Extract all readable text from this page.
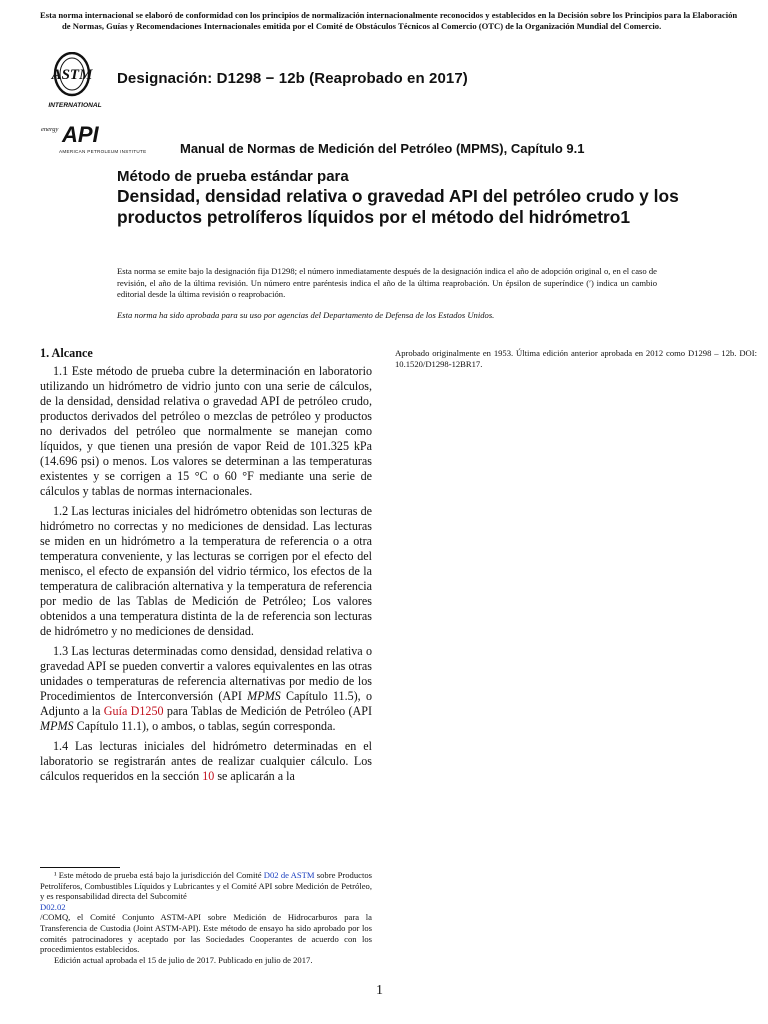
Esta norma internacional se elaboró de conformidad con los principios de normalización internacionalmente reconocidos y establecidos en la Decisión sobre los Principios para la Elaboración de Normas, Guías y Recomendaciones Internacionales emitida por el Comité de Obstáculos Técnicos al Comercio (OTC) de la Organización Mundial del Comercio.

ASTM
INTERNATIONAL
Designación: D1298 − 12b (Reaprobado en 2017)
energy API
AMERICAN PETROLEUM INSTITUTE	Manual de Normas de Medición del Petróleo (MPMS), Capítulo 9.1
Método de prueba estándar para
Densidad, densidad relativa o gravedad API del petróleo crudo y los productos petrolíferos líquidos por el método del hidrómetro1
Esta norma se emite bajo la designación fija D1298; el número inmediatamente después de la designación indica el año de adopción original o, en el caso de revisión, el año de la última revisión. Un número entre paréntesis indica el año de la última reaprobación. Un épsilon de superíndice (ʹ) indica un cambio editorial desde la última revisión o reaprobación.
Esta norma ha sido aprobada para su uso por agencias del Departamento de Defensa de los Estados Unidos.
1. Alcance

1.1 Este método de prueba cubre la determinación en laboratorio utilizando un hidrómetro de vidrio junto con una serie de cálculos, de la densidad, densidad relativa o gravedad API de petróleo crudo, productos derivados del petróleo o mezclas de petróleo y productos no derivados del petróleo que normalmente se manejan como líquidos, y que tienen una presión de vapor Reid de 101.325 kPa (14.696 psi) o menos. Los valores se determinan a las temperaturas existentes y se corrigen a 15 °C o 60 °F mediante una serie de cálculos y tablas de normas internacionales.

1.2 Las lecturas iniciales del hidrómetro obtenidas son lecturas de hidrómetro no correctas y no mediciones de densidad. Las lecturas se miden en un hidrómetro a la temperatura de referencia o a otra temperatura conveniente, y las lecturas se corrigen por el efecto del menisco, el efecto de expansión del vidrio térmico, los efectos de la temperatura de calibración alternativa y la temperatura de referencia por medio de las Tablas de Medición de Petróleo; Los valores obtenidos a una temperatura distinta de la de referencia son lecturas de hidrómetro y no mediciones de densidad.

1.3 Las lecturas determinadas como densidad, densidad relativa o gravedad API se pueden convertir a valores equivalentes en las otras unidades o temperaturas de referencia alternativas por medio de los Procedimientos de Interconversión (API MPMS Capítulo 11.5), o Adjunto a la Guía D1250 para Tablas de Medición de Petróleo (API MPMS Capítulo 11.1), o ambos, o tablas, según corresponda.

1.4 Las lecturas iniciales del hidrómetro determinadas en el laboratorio se registrarán antes de realizar cualquier cálculo. Los cálculos requeridos en la sección 10 se aplicarán a la

Aprobado originalmente en 1953. Última edición anterior aprobada en 2012 como D1298 – 12b. DOI: 10.1520/D1298-12BR17.

¹ Este método de prueba está bajo la jurisdicción del Comité D02 de ASTM sobre Productos Petrolíferos, Combustibles Líquidos y Lubricantes y el Comité API sobre Medición de Petróleo, y es responsabilidad directa del Subcomité
D02.02
/COMQ, el Comité Conjunto ASTM-API sobre Medición de Hidrocarburos para la Transferencia de Custodia (Joint ASTM-API). Este método de ensayo ha sido aprobado por los comités patrocinadores y aceptado por las Sociedades Cooperantes de acuerdo con los procedimientos establecidos.

Edición actual aprobada el 15 de julio de 2017. Publicado en julio de 2017.

1
